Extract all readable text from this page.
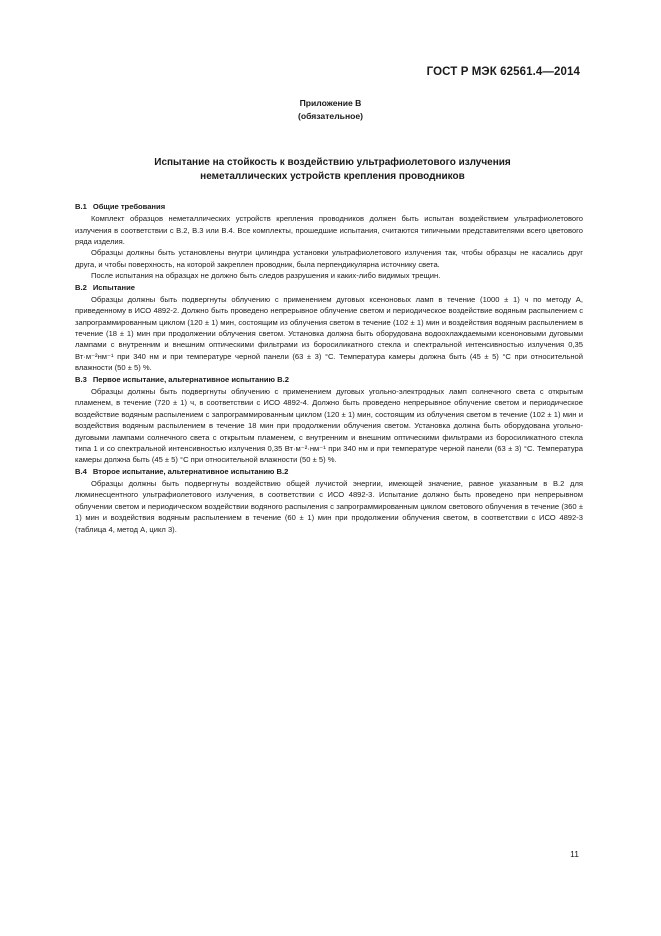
ГОСТ Р МЭК 62561.4—2014
Приложение В
(обязательное)
Испытание на стойкость к воздействию ультрафиолетового излучения
неметаллических устройств крепления проводников
В.1 Общие требования

Комплект образцов неметаллических устройств крепления проводников должен быть испытан воздействием ультрафиолетового излучения в соответствии с В.2, В.3 или В.4. Все комплекты, прошедшие испытания, считаются типичными представителями всего цветового ряда изделия.

Образцы должны быть установлены внутри цилиндра установки ультрафиолетового излучения так, чтобы образцы не касались друг друга, и чтобы поверхность, на которой закреплен проводник, была перпендикулярна источнику света.

После испытания на образцах не должно быть следов разрушения и каких-либо видимых трещин.

В.2 Испытание

Образцы должны быть подвергнуты облучению с применением дуговых ксеноновых ламп в течение (1000 ± 1) ч по методу А, приведенному в ИСО 4892-2. Должно быть проведено непрерывное облучение светом и периодическое воздействие водяным распылением с запрограммированным циклом (120 ± 1) мин, состоящим из облучения светом в течение (102 ± 1) мин и воздействия водяным распылением в течение (18 ± 1) мин при продолжении облучения светом. Установка должна быть оборудована водоохлаждаемыми ксеноновыми дуговыми лампами с внутренним и внешним оптическими фильтрами из боросиликатного стекла и спектральной интенсивностью излучения 0,35 Вт·м⁻²нм⁻¹ при 340 нм и при температуре черной панели (63 ± 3) °С. Температура камеры должна быть (45 ± 5) °С при относительной влажности (50 ± 5) %.

В.3 Первое испытание, альтернативное испытанию В.2

Образцы должны быть подвергнуты облучению с применением дуговых угольно-электродных ламп солнечного света с открытым пламенем, в течение (720 ± 1) ч, в соответствии с ИСО 4892-4. Должно быть проведено непрерывное облучение светом и периодическое воздействие водяным распылением с запрограммированным циклом (120 ± 1) мин, состоящим из облучения светом в течение (102 ± 1) мин и воздействия водяным распылением в течение 18 мин при продолжении облучения светом. Установка должна быть оборудована угольно-дуговыми лампами солнечного света с открытым пламенем, с внутренним и внешним оптическими фильтрами из боросиликатного стекла типа 1 и со спектральной интенсивностью излучения 0,35 Вт·м⁻²·нм⁻¹ при 340 нм и при температуре черной панели (63 ± 3) °С. Температура камеры должна быть (45 ± 5) °С при относительной влажности (50 ± 5) %.

В.4 Второе испытание, альтернативное испытанию В.2

Образцы должны быть подвергнуты воздействию общей лучистой энергии, имеющей значение, равное указанным в В.2 для люминесцентного ультрафиолетового излучения, в соответствии с ИСО 4892-3. Испытание должно быть проведено при непрерывном облучении светом и периодическом воздействии водяного распыления с запрограммированным циклом светового облучения в течение (360 ± 1) мин и воздействия водяным распылением в течение (60 ± 1) мин при продолжении облучения светом, в соответствии с ИСО 4892-3 (таблица 4, метод А, цикл 3).

11
